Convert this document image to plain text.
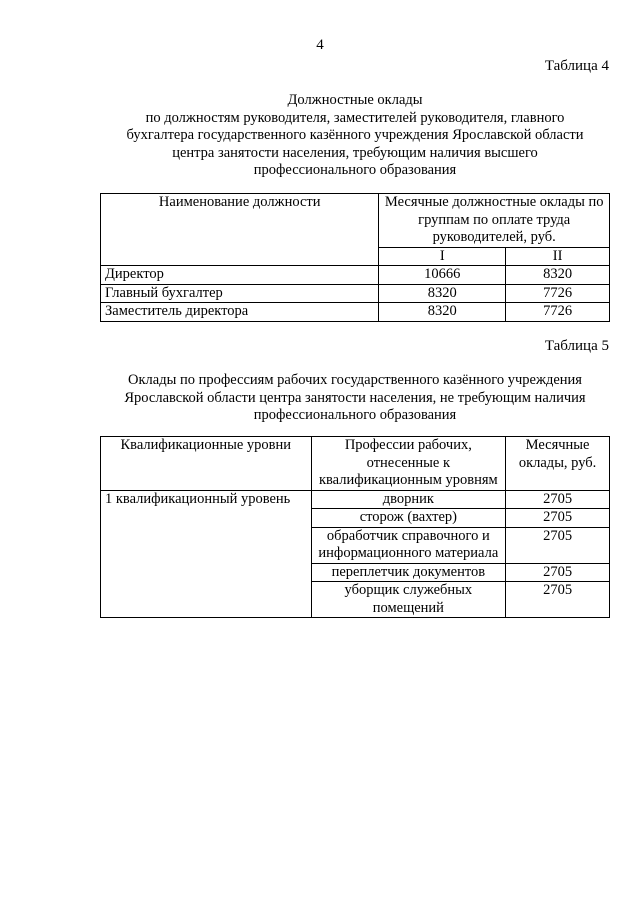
4
Таблица 4
Должностные оклады
по должностям руководителя, заместителей руководителя, главного
бухгалтера государственного казённого учреждения Ярославской области
центра занятости населения, требующим наличия высшего
профессионального образования
Наименование должности	Месячные должностные оклады по группам по оплате труда руководителей, руб.	
	I	II
Директор	10666	8320
Главный бухгалтер	8320	7726
Заместитель директора	8320	7726
Таблица 5
Оклады по профессиям рабочих государственного казённого учреждения
Ярославской области центра занятости населения, не требующим наличия
профессионального образования
Квалификационные уровни	Профессии рабочих, отнесенные к квалификационным уровням	Месячные оклады, руб.
1 квалификационный уровень	дворник	2705
	сторож (вахтер)	2705
	обработчик справочного и информационного материала	2705
	переплетчик документов	2705
	уборщик служебных помещений	2705
